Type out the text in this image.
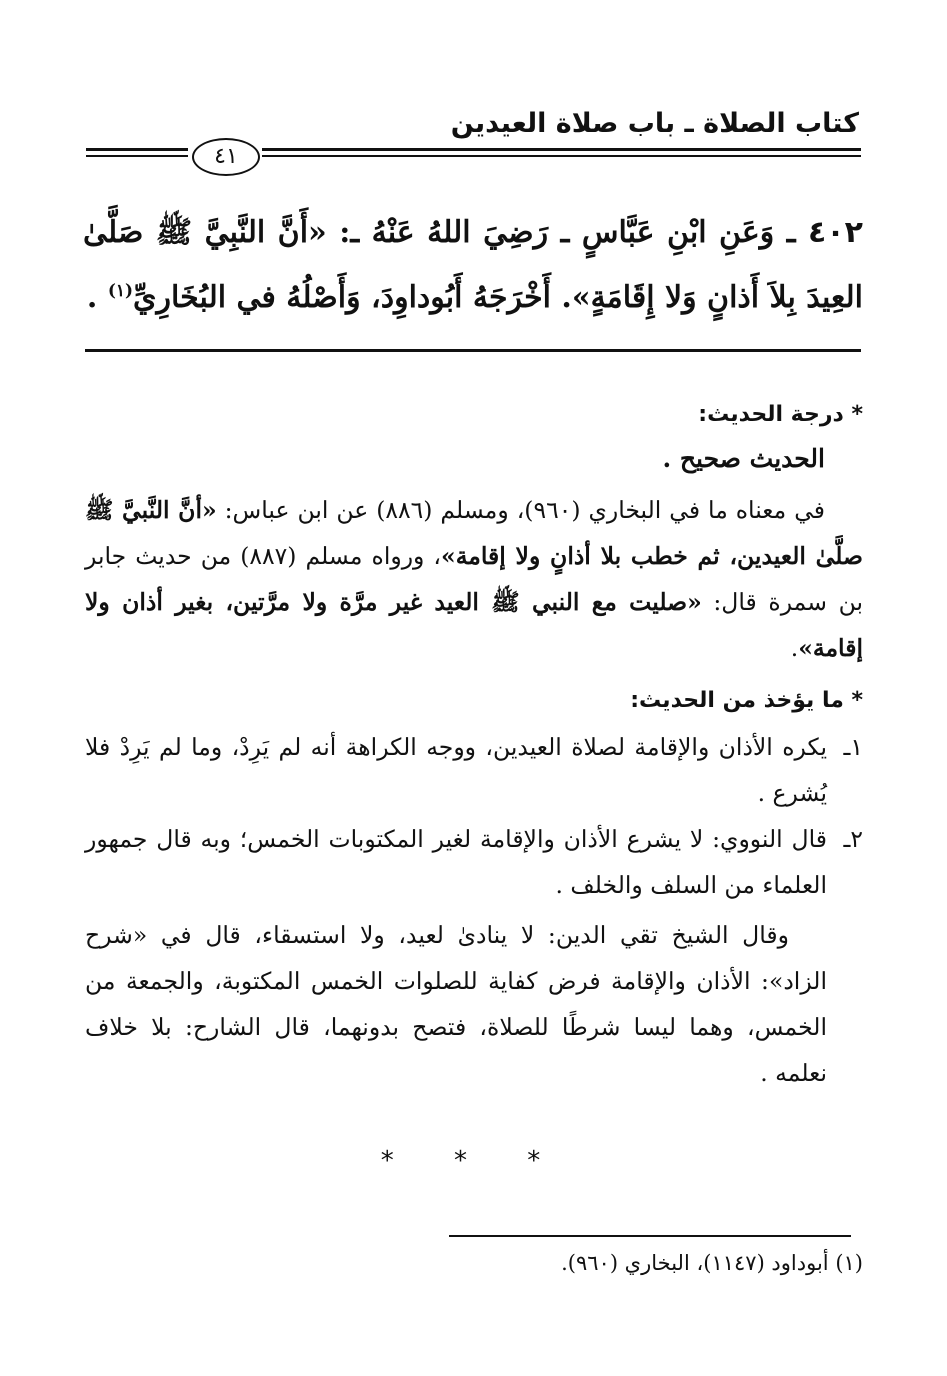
كتاب الصلاة ـ باب صلاة العيدين
٤١
٤٠٢ ـ وَعَنِ ابْنِ عَبَّاسٍ ـ رَضِيَ اللهُ عَنْهُ ـ: «أَنَّ النَّبِيَّ ﷺ صَلَّىٰ العِيدَ بِلاَ أَذانٍ وَلا إِقَامَةٍ». أَخْرَجَهُ أَبُوداوِدَ، وَأَصْلُهُ في البُخَارِيِّ$^{(١)}$ .
* درجة الحديث:
الحديث صحيح .
في معناه ما في البخاري (٩٦٠)، ومسلم (٨٨٦) عن ابن عباس: «أنَّ النَّبيَّ ﷺ صلَّىٰ العيدين، ثم خطب بلا أذانٍ ولا إقامة»، ورواه مسلم (٨٨٧) من حديث جابر بن سمرة قال: «صليت مع النبي ﷺ العيد غير مرَّة ولا مرَّتين، بغير أذان ولا إقامة».
* ما يؤخذ من الحديث:
١ـ
يكره الأذان والإقامة لصلاة العيدين، ووجه الكراهة أنه لم يَرِدْ، وما لم يَرِدْ فلا يُشرع .
٢ـ
قال النووي: لا يشرع الأذان والإقامة لغير المكتوبات الخمس؛ وبه قال جمهور العلماء من السلف والخلف .
وقال الشيخ تقي الدين: لا ينادىٰ لعيد، ولا استسقاء، قال في «شرح الزاد»: الأذان والإقامة فرض كفاية للصلوات الخمس المكتوبة، والجمعة من الخمس، وهما ليسا شرطًا للصلاة، فتصح بدونهما، قال الشارح: بلا خلاف نعلمه .
* * *
(١) أبوداود (١١٤٧)، البخاري (٩٦٠).
